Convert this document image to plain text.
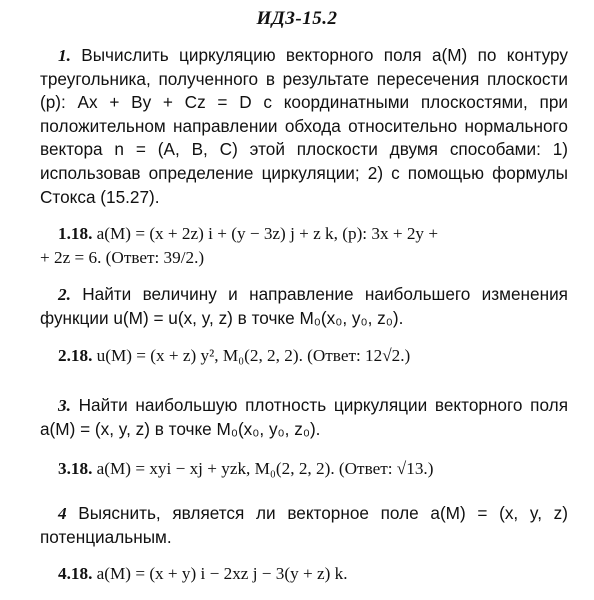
ИДЗ-15.2
1. Вычислить циркуляцию векторного поля a(M) по контуру треугольника, полученного в результате пересечения плоскости (p): Ax + By + Cz = D с координатными плоскостями, при положительном направлении обхода относительно нормального вектора n = (A, B, C) этой плоскости двумя способами: 1) использовав определение циркуляции; 2) с помощью формулы Стокса (15.27).
1.18. a(M) = (x + 2z) i + (y − 3z) j + z k, (p): 3x + 2y +
+ 2z = 6. (Ответ: 39/2.)
2. Найти величину и направление наибольшего изменения функции u(M) = u(x, y, z) в точке M₀(x₀, y₀, z₀).
2.18. u(M) = (x + z) y², M₀(2, 2, 2). (Ответ: 12√2.)
3. Найти наибольшую плотность циркуляции векторного поля a(M) = (x, y, z) в точке M₀(x₀, y₀, z₀).
3.18. a(M) = xyi − xj + yzk, M₀(2, 2, 2). (Ответ: √13.)
4 Выяснить, является ли векторное поле a(M) = (x, y, z) потенциальным.
4.18. a(M) = (x + y) i − 2xz j − 3(y + z) k.
